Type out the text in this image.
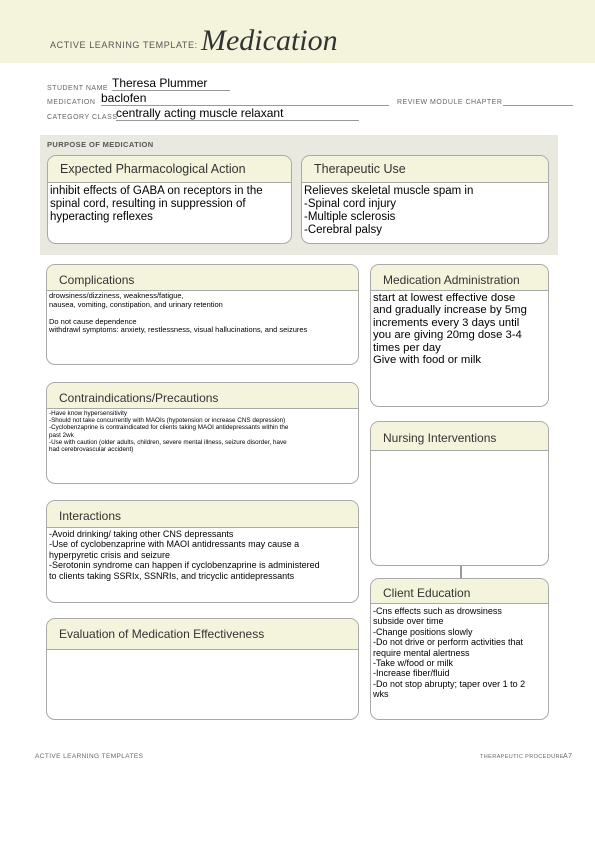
ACTIVE LEARNING TEMPLATE: Medication
STUDENT NAME Theresa Plummer
MEDICATION baclofen	REVIEW MODULE CHAPTER
CATEGORY CLASS
centrally acting muscle relaxant
PURPOSE OF MEDICATION
Expected Pharmacological Action
inhibit effects of GABA on receptors in the
spinal cord, resulting in suppression of
hyperacting reflexes
Therapeutic Use
Relieves skeletal muscle spam in
-Spinal cord injury
-Multiple sclerosis
-Cerebral palsy
Complications
drowsiness/dizziness, weakness/fatigue,
nausea, vomiting, constipation, and urinary retention
Do not cause dependence
withdrawl symptoms: anxiety, restlessness, visual hallucinations, and seizures
Medication Administration
start at lowest effective dose
and gradually increase by 5mg
increments every 3 days until
you are giving 20mg dose 3-4
times per day
Give with food or milk
Contraindications/Precautions
-Have know hypersensitivity
-Should not take concurrently with MAOIs (hypotension or increase CNS depression)
-Cyclobenzaprine is contraindicated for clients taking MAOI antidepressants within the
past 2wk
-Use with caution (older adults, children, severe mental illness, seizure disorder, have
had cerebrovascular accident)
Nursing Interventions
Interactions
-Avoid drinking/ taking other CNS depressants
-Use of cyclobenzaprine with MAOI antidressants may cause a
hyperpyretic crisis and seizure
-Serotonin syndrome can happen if cyclobenzaprine is administered
to clients taking SSRIx, SSNRIs, and tricyclic antidepressants
Client Education
-Cns effects such as drowsiness
subside over time
-Change positions slowly
-Do not drive or perform activities that
require mental alertness
-Take w/food or milk
-Increase fiber/fluid
-Do not stop abrupty; taper over 1 to 2
wks
Evaluation of Medication Effectiveness
ACTIVE LEARNING TEMPLATES	THERAPEUTIC PROCEDURE A7
